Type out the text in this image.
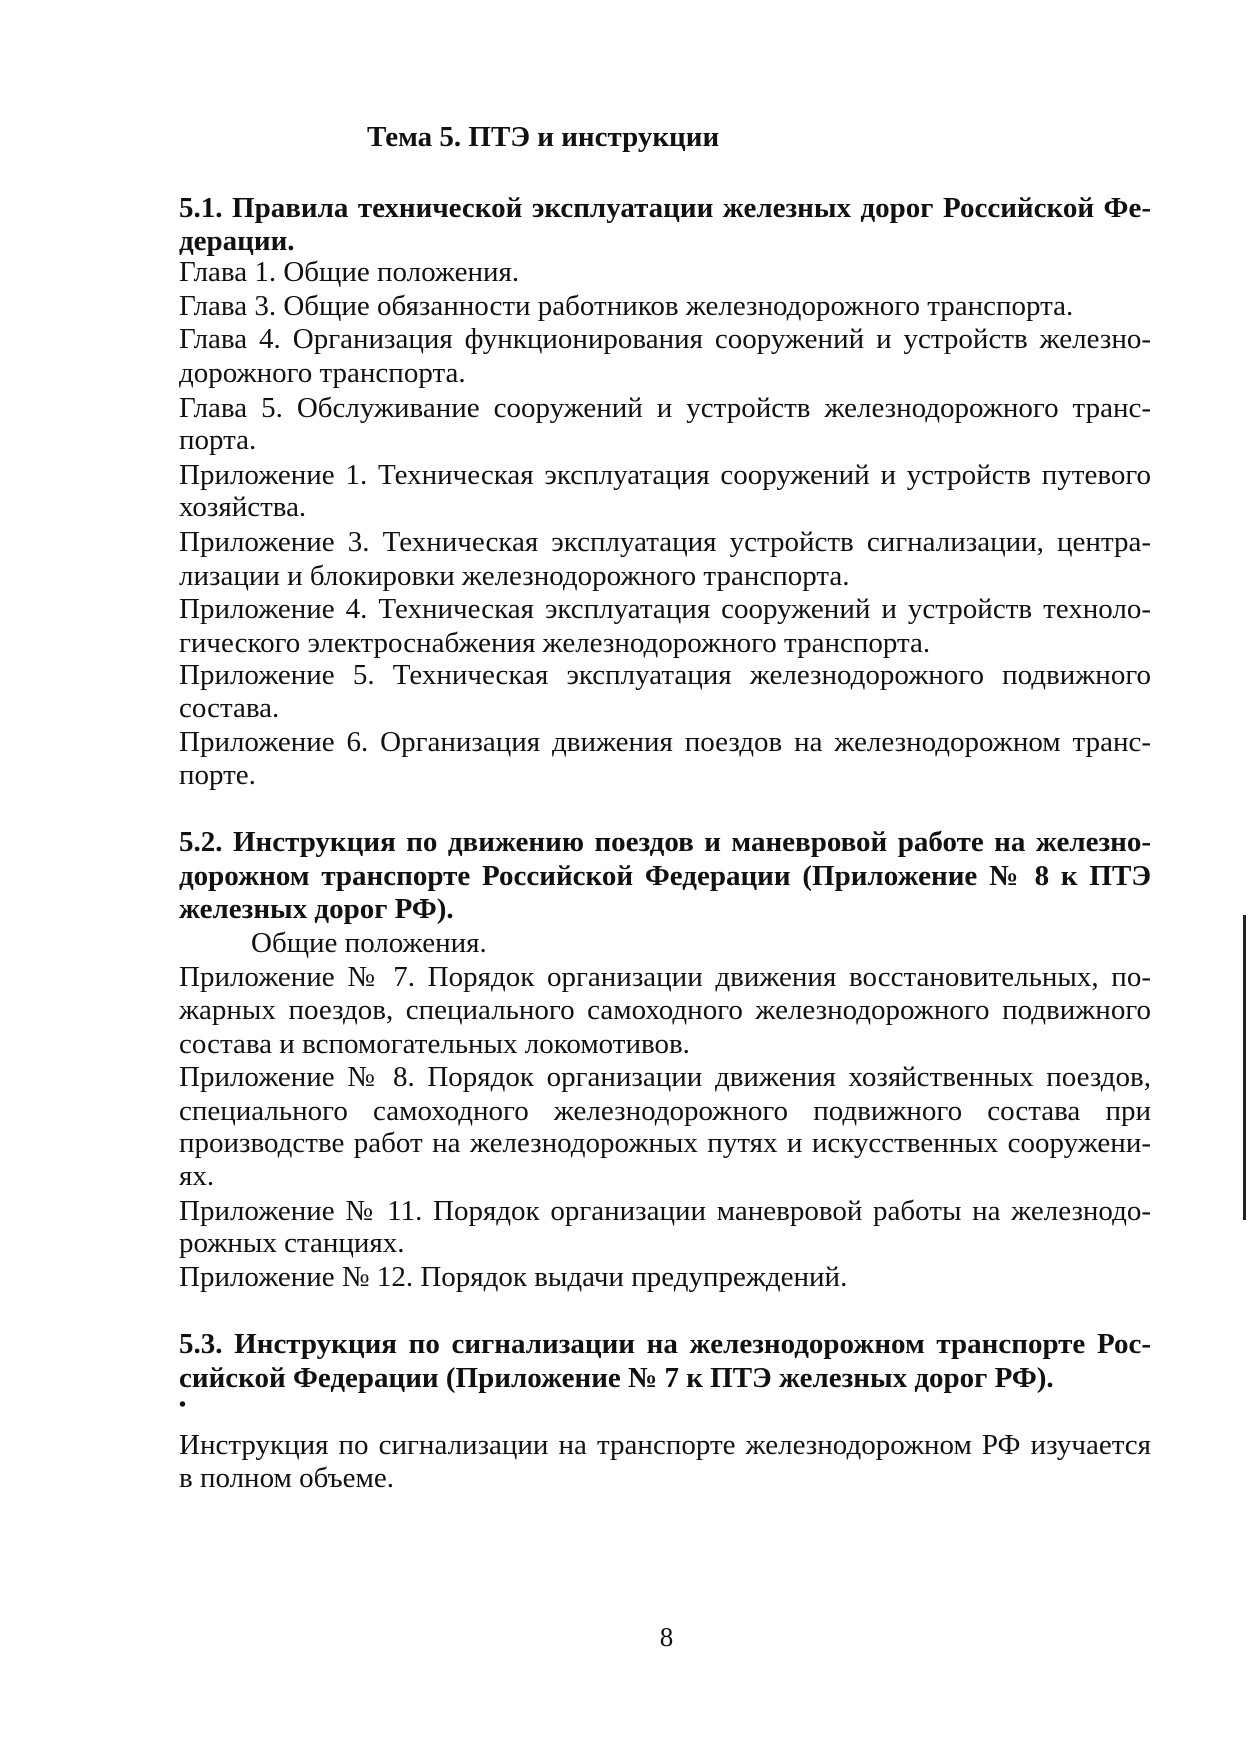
Тема 5. ПТЭ и инструкции
5.1. Правила технической эксплуатации железных дорог Российской Фе-
дерации.
Глава 1. Общие положения.
Глава 3. Общие обязанности работников железнодорожного транспорта.
Глава 4. Организация функционирования сооружений и устройств железно-
дорожного транспорта.
Глава 5. Обслуживание сооружений и устройств железнодорожного транс-
порта.
Приложение 1. Техническая эксплуатация сооружений и устройств путевого
хозяйства.
Приложение 3. Техническая эксплуатация устройств сигнализации, центра-
лизации и блокировки железнодорожного транспорта.
Приложение 4. Техническая эксплуатация сооружений и устройств техноло-
гического электроснабжения железнодорожного транспорта.
Приложение 5. Техническая эксплуатация железнодорожного подвижного
состава.
Приложение 6. Организация движения поездов на железнодорожном транс-
порте.
5.2. Инструкция по движению поездов и маневровой работе на железно-
дорожном транспорте Российской Федерации (Приложение № 8 к ПТЭ
железных дорог РФ).
Общие положения.
Приложение № 7. Порядок организации движения восстановительных, по-
жарных поездов, специального самоходного железнодорожного подвижного
состава и вспомогательных локомотивов.
Приложение № 8. Порядок организации движения хозяйственных поездов,
специального самоходного железнодорожного подвижного состава при
производстве работ на железнодорожных путях и искусственных сооружени-
ях.
Приложение № 11. Порядок организации маневровой работы на железнодо-
рожных станциях.
Приложение № 12. Порядок выдачи предупреждений.
5.3. Инструкция по сигнализации на железнодорожном транспорте Рос-
сийской Федерации (Приложение № 7 к ПТЭ железных дорог РФ).
•
Инструкция по сигнализации на транспорте железнодорожном РФ изучается
в полном объеме.
8
